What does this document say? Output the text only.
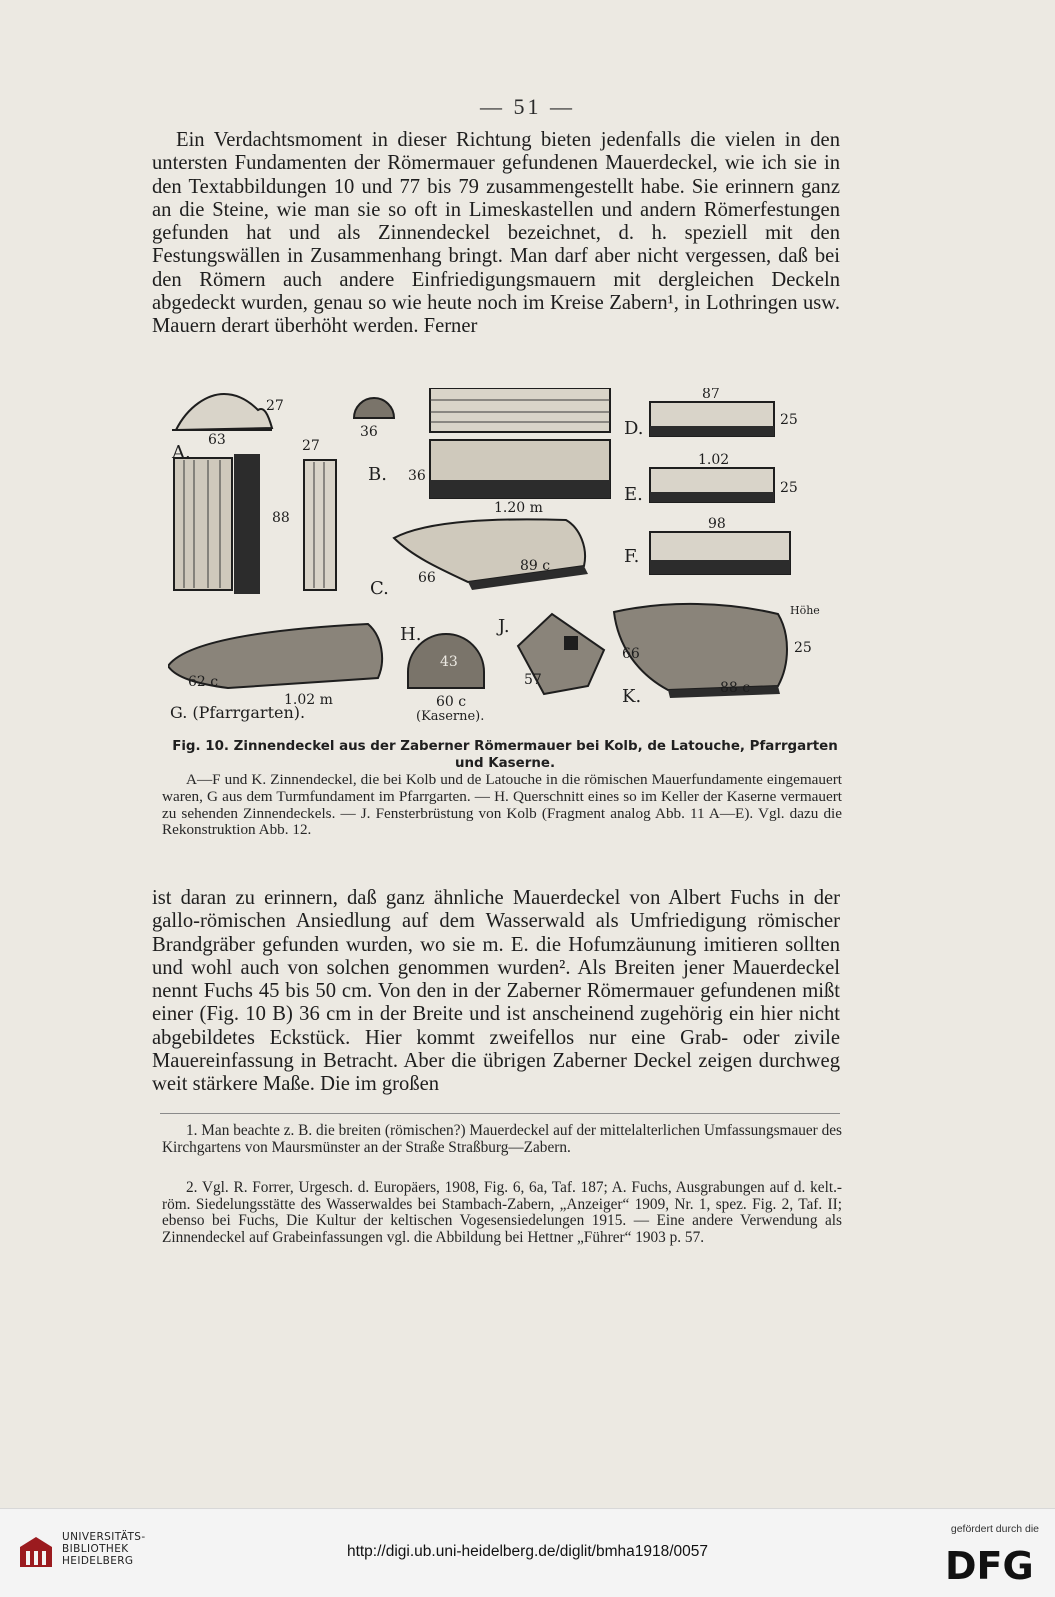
— 51 —

Ein Verdachtsmoment in dieser Richtung bieten jedenfalls die vielen in den untersten Fundamenten der Römermauer gefundenen Mauerdeckel, wie ich sie in den Textabbildungen 10 und 77 bis 79 zusammengestellt habe. Sie erinnern ganz an die Steine, wie man sie so oft in Limeskastellen und andern Römerfestungen gefunden hat und als Zinnendeckel bezeichnet, d. h. speziell mit den Festungswällen in Zusammenhang bringt. Man darf aber nicht vergessen, daß bei den Römern auch andere Einfriedigungsmauern mit dergleichen Deckeln abgedeckt wurden, genau so wie heute noch im Kreise Zabern¹, in Lothringen usw. Mauern derart überhöht werden. Ferner

A.
63
27
27
88
B.
36
36
1.20 m
C. 66
89 c
D.
E.
F.
87
25
1.02
25
98
G. (Pfarrgarten).
62 c
1.02 m
H.
43
60 c
(Kaserne).
J.
57
Höhe
K.
66	25
88 c

Fig. 10. Zinnendeckel aus der Zaberner Römermauer bei Kolb, de Latouche, Pfarrgarten und Kaserne.

A—F und K. Zinnendeckel, die bei Kolb und de Latouche in die römischen Mauerfundamente eingemauert waren, G aus dem Turmfundament im Pfarrgarten. — H. Querschnitt eines so im Keller der Kaserne vermauert zu sehenden Zinnendeckels. — J. Fensterbrüstung von Kolb (Fragment analog Abb. 11 A—E). Vgl. dazu die Rekonstruktion Abb. 12.

ist daran zu erinnern, daß ganz ähnliche Mauerdeckel von Albert Fuchs in der gallo-römischen Ansiedlung auf dem Wasserwald als Umfriedigung römischer Brandgräber gefunden wurden, wo sie m. E. die Hofumzäunung imitieren sollten und wohl auch von solchen genommen wurden². Als Breiten jener Mauerdeckel nennt Fuchs 45 bis 50 cm. Von den in der Zaberner Römermauer gefundenen mißt einer (Fig. 10 B) 36 cm in der Breite und ist anscheinend zugehörig ein hier nicht abgebildetes Eckstück. Hier kommt zweifellos nur eine Grab- oder zivile Mauereinfassung in Betracht. Aber die übrigen Zaberner Deckel zeigen durchweg weit stärkere Maße. Die im großen

1. Man beachte z. B. die breiten (römischen?) Mauerdeckel auf der mittelalterlichen Umfassungsmauer des Kirchgartens von Maursmünster an der Straße Straßburg—Zabern.

2. Vgl. R. Forrer, Urgesch. d. Europäers, 1908, Fig. 6, 6a, Taf. 187; A. Fuchs, Ausgrabungen auf d. kelt.-röm. Siedelungsstätte des Wasserwaldes bei Stambach-Zabern, „Anzeiger“ 1909, Nr. 1, spez. Fig. 2, Taf. II; ebenso bei Fuchs, Die Kultur der keltischen Vogesensiedelungen 1915. — Eine andere Verwendung als Zinnendeckel auf Grabeinfassungen vgl. die Abbildung bei Hettner „Führer“ 1903 p. 57.

UNIVERSITÄTS-
BIBLIOTHEK
HEIDELBERG

http://digi.ub.uni-heidelberg.de/diglit/bmha1918/0057
gefördert durch die
DFG
